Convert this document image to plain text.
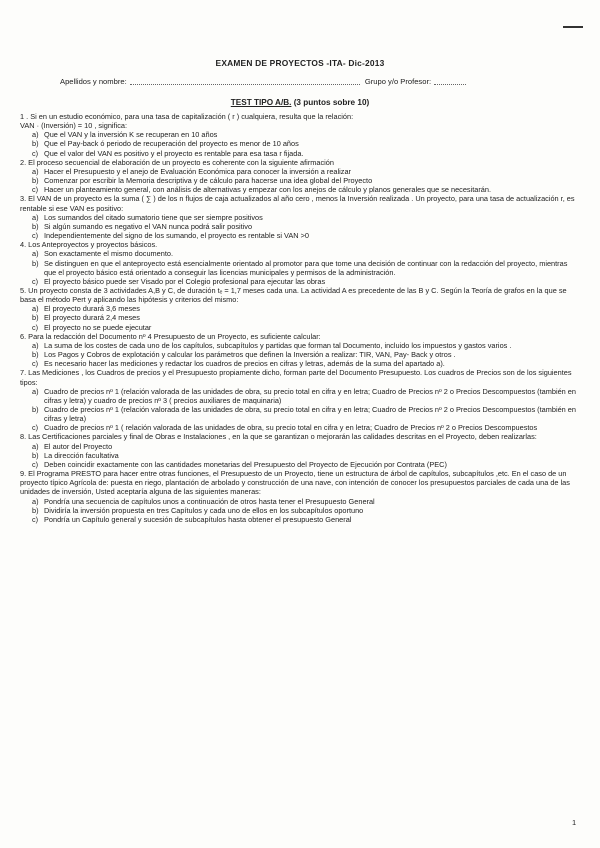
EXAMEN DE PROYECTOS -ITA- Dic-2013
Apellidos y nombre:	Grupo y/o Profesor:
TEST TIPO A/B. (3 puntos sobre 10)

1 . Si en un estudio económico, para una tasa de capitalización ( r ) cualquiera, resulta que la relación:

VAN · (Inversión) = 10 , significa:

a) Que el VAN y la inversión K se recuperan en 10 años
b) Que el Pay-back ó periodo de recuperación del proyecto es menor de 10 años
c) Que el valor del VAN es positivo y el proyecto es rentable para esa tasa r fijada.

2. El proceso secuencial de elaboración de un proyecto es coherente con la siguiente afirmación

a) Hacer el Presupuesto y el anejo de Evaluación Económica para conocer la inversión a realizar
b) Comenzar por escribir la Memoria descriptiva y de cálculo para hacerse una idea global del Proyecto
c) Hacer un planteamiento general, con análisis de alternativas y empezar con los anejos de cálculo y planos generales que se necesitarán.

3. El VAN de un proyecto es la suma ( ∑ ) de los n flujos de caja actualizados al año cero , menos la Inversión realizada . Un proyecto, para una tasa de actualización r, es rentable si ese VAN es positivo:

a) Los sumandos del citado sumatorio tiene que ser siempre positivos
b) Si algún sumando es negativo el VAN nunca podrá salir positivo
c) Independientemente del signo de los sumando, el proyecto es rentable si VAN >0

4. Los Anteproyectos y proyectos básicos.

a) Son exactamente el mismo documento.
b) Se distinguen en que el anteproyecto está esencialmente orientado al promotor para que tome una decisión de continuar con la redacción del proyecto, mientras que el proyecto básico está orientado a conseguir las licencias municipales y permisos de la administración.
c) El proyecto básico puede ser Visado por el Colegio profesional para ejecutar las obras

5. Un proyecto consta de 3 actividades A,B y C, de duración tₑ = 1,7 meses cada una. La actividad A es precedente de las B y C. Según la Teoría de grafos en la que se basa el método Pert y aplicando las hipótesis y criterios del mismo:

a) El proyecto durará 3,6 meses
b) El proyecto durará 2,4 meses
c) El proyecto no se puede ejecutar

6. Para la redacción del Documento nº 4 Presupuesto de un Proyecto, es suficiente calcular:

a) La suma de los costes de cada uno de los capítulos, subcapítulos y partidas que forman tal Documento, incluido los impuestos y gastos varios .
b) Los Pagos y Cobros de explotación y calcular los parámetros que definen la Inversión a realizar: TIR, VAN, Pay- Back y otros .
c) Es necesario hacer las mediciones y redactar los cuadros de precios en cifras y letras, además de la suma del apartado a).

7. Las Mediciones , los Cuadros de precios y el Presupuesto propiamente dicho, forman parte del Documento Presupuesto. Los cuadros de Precios son de los siguientes tipos:

a) Cuadro de precios nº 1 (relación valorada de las unidades de obra, su precio total en cifra y en letra; Cuadro de Precios nº 2 o Precios Descompuestos (también en cifras y letra) y cuadro de precios nº 3 ( precios auxiliares de maquinaria)
b) Cuadro de precios nº 1 (relación valorada de las unidades de obra, su precio total en cifra y en letra; Cuadro de Precios nº 2 o Precios Descompuestos (también en cifras y letra)
c) Cuadro de precios nº 1 ( relación valorada de las unidades de obra, su precio total en cifra y en letra; Cuadro de Precios nº 2 o Precios Descompuestos

8. Las Certificaciones parciales y final de Obras e Instalaciones , en la que se garantizan o mejorarán las calidades descritas en el Proyecto, deben realizarlas:

a) El autor del Proyecto
b) La dirección facultativa
c) Deben coincidir exactamente con las cantidades monetarias del Presupuesto del Proyecto de Ejecución por Contrata (PEC)

9. El Programa PRESTO para hacer entre otras funciones, el Presupuesto de un Proyecto, tiene un estructura de árbol de capítulos, subcapítulos ,etc. En el caso de un proyecto típico Agrícola de: puesta en riego, plantación de arbolado y construcción de una nave, con intención de conocer los presupuestos parciales de cada una de las unidades de inversión, Usted aceptaría alguna de las siguientes maneras:

a) Pondría una secuencia de capítulos unos a continuación de otros hasta tener el Presupuesto General
b) Dividiría la inversión propuesta en tres Capítulos y cada uno de ellos en los subcapítulos oportuno
c) Pondría un Capítulo general y sucesión de subcapítulos hasta obtener el presupuesto General
1
